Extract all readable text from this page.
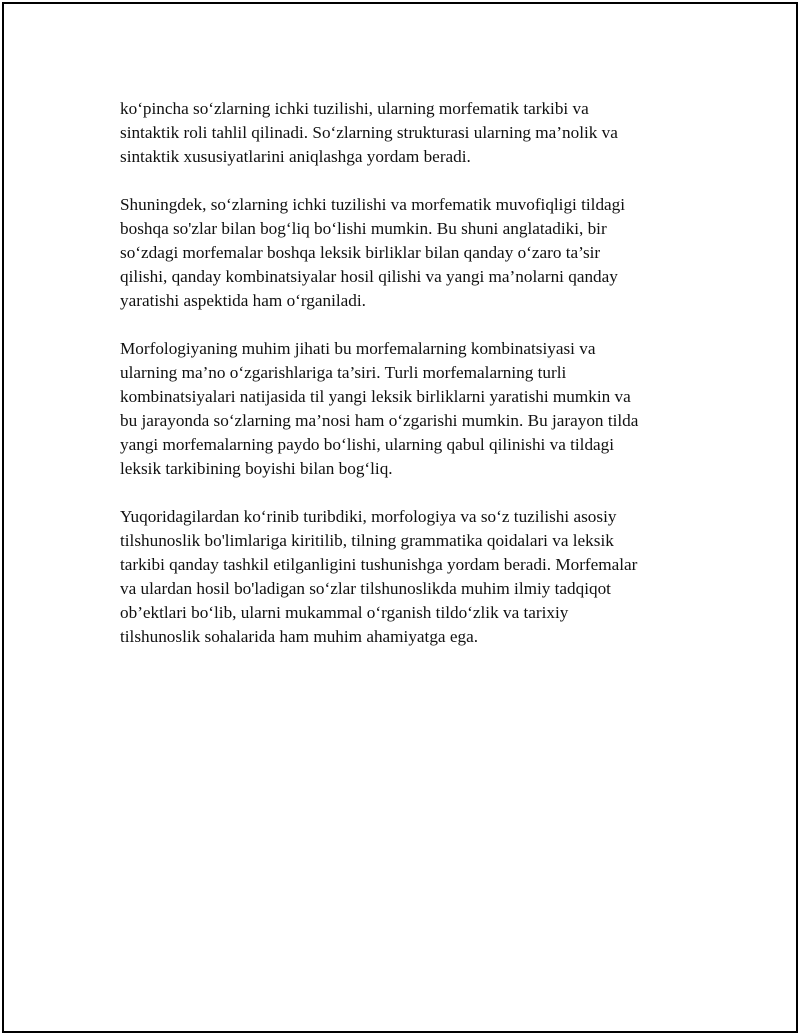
ko‘pincha so‘zlarning ichki tuzilishi, ularning morfematik tarkibi va
sintaktik roli tahlil qilinadi. So‘zlarning strukturasi ularning ma’nolik va
sintaktik xususiyatlarini aniqlashga yordam beradi.

Shuningdek, so‘zlarning ichki tuzilishi va morfematik muvofiqligi tildagi
boshqa so'zlar bilan bog‘liq bo‘lishi mumkin. Bu shuni anglatadiki, bir
so‘zdagi morfemalar boshqa leksik birliklar bilan qanday o‘zaro ta’sir
qilishi, qanday kombinatsiyalar hosil qilishi va yangi ma’nolarni qanday
yaratishi aspektida ham o‘rganiladi.

Morfologiyaning muhim jihati bu morfemalarning kombinatsiyasi va
ularning ma’no o‘zgarishlariga ta’siri. Turli morfemalarning turli
kombinatsiyalari natijasida til yangi leksik birliklarni yaratishi mumkin va
bu jarayonda so‘zlarning ma’nosi ham o‘zgarishi mumkin. Bu jarayon tilda
yangi morfemalarning paydo bo‘lishi, ularning qabul qilinishi va tildagi
leksik tarkibining boyishi bilan bog‘liq.

Yuqoridagilardan ko‘rinib turibdiki, morfologiya va so‘z tuzilishi asosiy
tilshunoslik bo'limlariga kiritilib, tilning grammatika qoidalari va leksik
tarkibi qanday tashkil etilganligini tushunishga yordam beradi. Morfemalar
va ulardan hosil bo'ladigan so‘zlar tilshunoslikda muhim ilmiy tadqiqot
ob’ektlari bo‘lib, ularni mukammal o‘rganish tildo‘zlik va tarixiy
tilshunoslik sohalarida ham muhim ahamiyatga ega.
